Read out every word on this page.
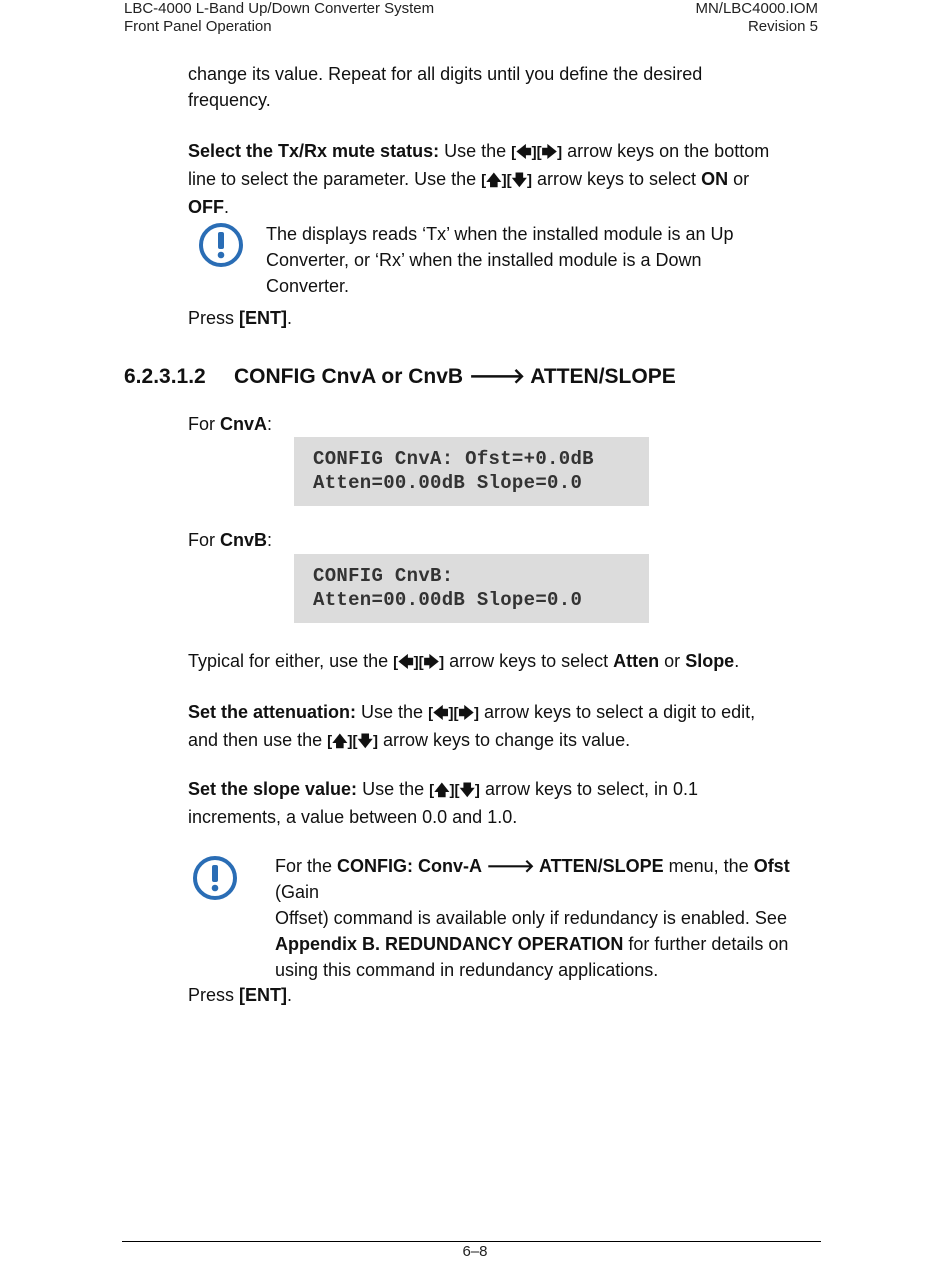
LBC-4000 L-Band Up/Down Converter System
Front Panel Operation
MN/LBC4000.IOM
Revision 5
change its value. Repeat for all digits until you define the desired
frequency.
Select the Tx/Rx mute status: Use the [🡄][🡆] arrow keys on the bottom
line to select the parameter. Use the [🡅][🡇] arrow keys to select ON or
OFF.
The displays reads ‘Tx’ when the installed module is an Up
Converter, or ‘Rx’ when the installed module is a Down
Converter.
Press [ENT].
6.2.3.1.2 CONFIG CnvA or CnvB 🡒 ATTEN/SLOPE
For CnvA:
CONFIG CnvA: Ofst=+0.0dB
Atten=00.00dB Slope=0.0
For CnvB:
CONFIG CnvB:
Atten=00.00dB Slope=0.0
Typical for either, use the [🡄][🡆] arrow keys to select Atten or Slope.
Set the attenuation: Use the [🡄][🡆] arrow keys to select a digit to edit,
and then use the [🡅][🡇] arrow keys to change its value.
Set the slope value: Use the [🡅][🡇] arrow keys to select, in 0.1
increments, a value between 0.0 and 1.0.
For the CONFIG: Conv-A 🡒 ATTEN/SLOPE menu, the Ofst (Gain
Offset) command is available only if redundancy is enabled. See
Appendix B. REDUNDANCY OPERATION for further details on
using this command in redundancy applications.
Press [ENT].
6–8
